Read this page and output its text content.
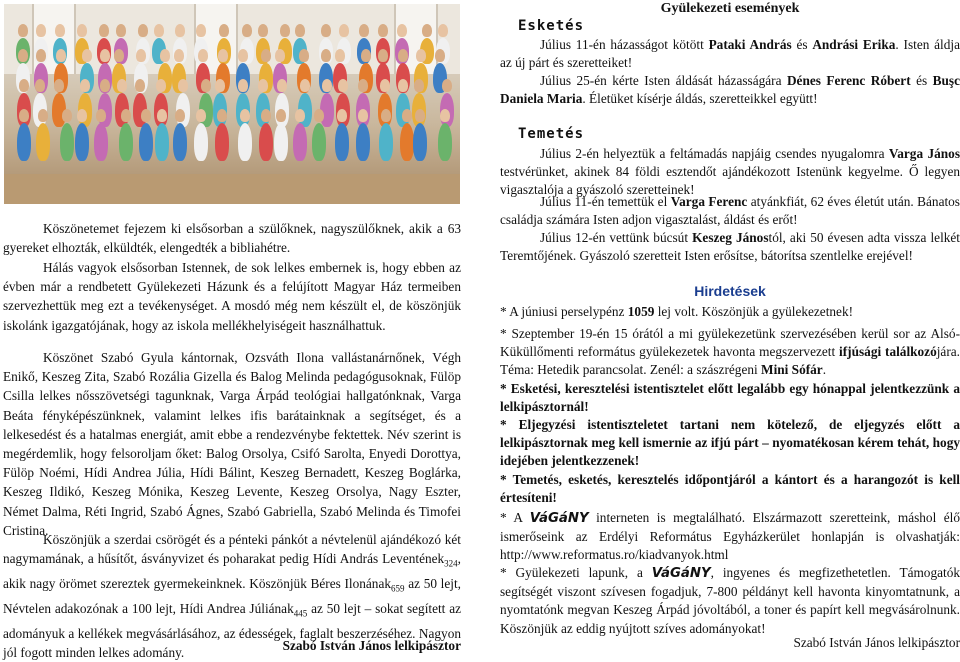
Köszönetemet fejezem ki elsősorban a szülőknek, nagyszülőknek, akik a 63 gyereket elhozták, elküldték, elengedték a bibliahétre.

Hálás vagyok elsősorban Istennek, de sok lelkes embernek is, hogy ebben az évben már a rendbetett Gyülekezeti Házunk és a felújított Magyar Ház termeiben szervezhettük meg ezt a tevékenységet. A mosdó még nem készült el, de köszönjük iskolánk igazgatójának, hogy az iskola mellékhelyiségeit használhattuk.

Köszönet Szabó Gyula kántornak, Ozsváth Ilona vallástanárnőnek, Végh Enikő, Keszeg Zita, Szabó Rozália Gizella és Balog Melinda pedagógusoknak, Fülöp Csilla lelkes nősszövetségi tagunknak, Varga Árpád teológiai hallgatónknak, Varga Beáta fényképészünknek, valamint lelkes ifis barátainknak a segítséget, és a lelkesedést és a hatalmas energiát, amit ebbe a rendezvénybe fektettek. Név szerint is megérdemlik, hogy felsoroljam őket: Balog Orsolya, Csifó Sarolta, Enyedi Dorottya, Fülöp Noémi, Hídi Andrea Júlia, Hídi Bálint, Keszeg Bernadett, Keszeg Boglárka, Keszeg Ildikó, Keszeg Mónika, Keszeg Levente, Keszeg Orsolya, Nagy Eszter, Német Dalma, Réti Ingrid, Szabó Ágnes, Szabó Gabriella, Szabó Melinda és Timofei Cristina.

Köszönjük a szerdai csörögét és a pénteki pánkót a névtelenül ajándékozó két nagymamának, a hűsítőt, ásványvizet és poharakat pedig Hídi András Leventének$_{324}$, akik nagy örömet szereztek gyermekeinknek. Köszönjük Béres Ilonának$_{659}$ az 50 lejt, Névtelen adakozónak a 100 lejt, Hídi Andrea Júliának$_{445}$ az 50 lejt – sokat segített az adományuk a kellékek megvásárlásához, az édességek, faglalt beszerzéséhez. Nagyon jól fogott minden lelkes adomány.	Szabó István János lelkipásztor

Gyülekezeti események

Esketés

Július 11-én házasságot kötött Pataki András és Andrási Erika. Isten áldja az új párt és szeretteiket!

Július 25-én kérte Isten áldását házasságára Dénes Ferenc Róbert és Buşc Daniela Maria. Életüket kísérje áldás, szeretteikkel együtt!

Temetés

Július 2-én helyeztük a feltámadás napjáig csendes nyugalomra Varga János testvérünket, akinek 84 földi esztendőt ajándékozott Istenünk kegyelme. Ő legyen vigasztalója a gyászoló szeretteinek!

Július 11-én temettük el Varga Ferenc atyánkfiát, 62 éves életút után. Bánatos családja számára Isten adjon vigasztalást, áldást és erőt!

Július 12-én vettünk búcsút Keszeg Jánostól, aki 50 évesen adta vissza lelkét Teremtőjének. Gyászoló szeretteit Isten erősítse, bátorítsa szentlelke erejével!

Hirdetések

* A júniusi perselypénz 1059 lej volt. Köszönjük a gyülekezetnek!

* Szeptember 19-én 15 órától a mi gyülekezetünk szervezésében kerül sor az Alsó-Küküllőmenti református gyülekezetek havonta megszervezett ifjúsági találkozójára. Téma: Hetedik parancsolat. Zenél: a szászrégeni Mini Sófár.

* Esketési, keresztelési istentisztelet előtt legalább egy hónappal jelentkezzünk a lelkipásztornál!

* Eljegyzési istentiszteletet tartani nem kötelező, de eljegyzés előtt a lelkipásztornak meg kell ismernie az ifjú párt – nyomatékosan kérem tehát, hogy idejében jelentkezzenek!

* Temetés, esketés, keresztelés időpontjáról a kántort és a harangozót is kell értesíteni!

* A VáGáNY interneten is megtalálható. Elszármazott szeretteink, máshol élő ismerőseink az Erdélyi Református Egyházkerület honlapján is olvashatják: http://www.reformatus.ro/kiadvanyok.html

* Gyülekezeti lapunk, a VáGáNY, ingyenes és megfizethetetlen. Támogatók segítségét viszont szívesen fogadjuk, 7-800 példányt kell havonta kinyomtatnunk, a nyomtatónk megvan Keszeg Árpád jóvoltából, a toner és papírt kell megvásárolnunk. Köszönjük az eddig nyújtott szíves adományokat!

Szabó István János lelkipásztor
